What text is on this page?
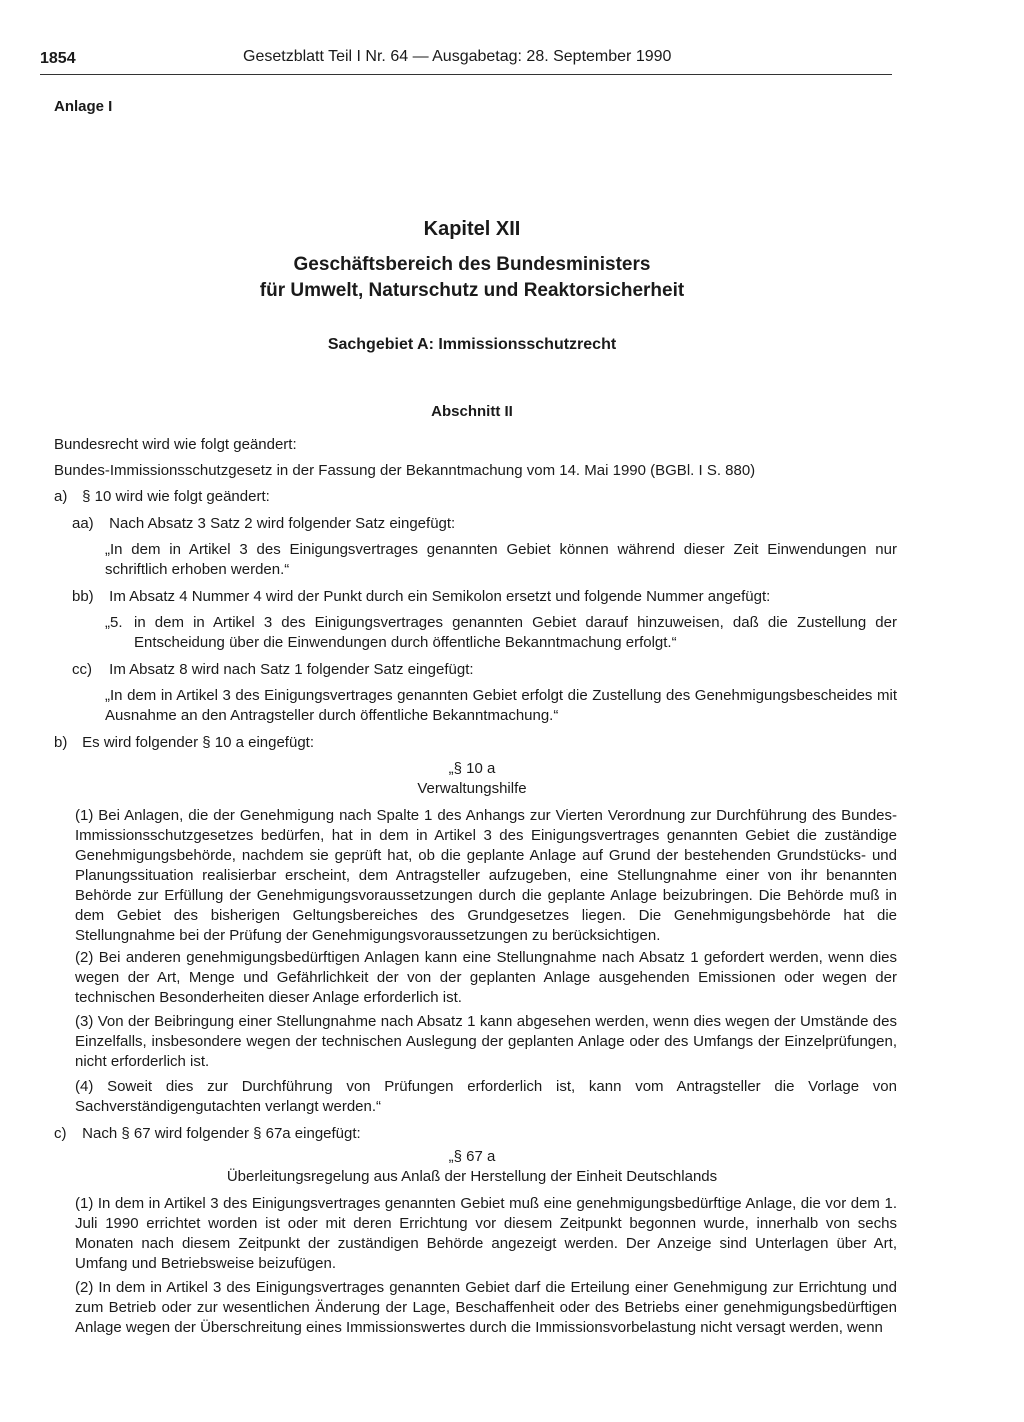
1854	Gesetzblatt Teil I Nr. 64 — Ausgabetag: 28. September 1990
Anlage I
Kapitel XII
Geschäftsbereich des Bundesministers
für Umwelt, Naturschutz und Reaktorsicherheit
Sachgebiet A: Immissionsschutzrecht
Abschnitt II
Bundesrecht wird wie folgt geändert:
Bundes-Immissionsschutzgesetz in der Fassung der Bekanntmachung vom 14. Mai 1990 (BGBl. I S. 880)
a) § 10 wird wie folgt geändert:
aa) Nach Absatz 3 Satz 2 wird folgender Satz eingefügt:
„In dem in Artikel 3 des Einigungsvertrages genannten Gebiet können während dieser Zeit Einwendungen nur schriftlich erhoben werden.“
bb) Im Absatz 4 Nummer 4 wird der Punkt durch ein Semikolon ersetzt und folgende Nummer angefügt:
„5. in dem in Artikel 3 des Einigungsvertrages genannten Gebiet darauf hinzuweisen, daß die Zustellung der Entscheidung über die Einwendungen durch öffentliche Bekanntmachung erfolgt.“
cc) Im Absatz 8 wird nach Satz 1 folgender Satz eingefügt:
„In dem in Artikel 3 des Einigungsvertrages genannten Gebiet erfolgt die Zustellung des Genehmigungsbescheides mit Ausnahme an den Antragsteller durch öffentliche Bekanntmachung.“
b) Es wird folgender § 10 a eingefügt:
„§ 10 a
Verwaltungshilfe
(1) Bei Anlagen, die der Genehmigung nach Spalte 1 des Anhangs zur Vierten Verordnung zur Durchführung des Bundes-Immissionsschutzgesetzes bedürfen, hat in dem in Artikel 3 des Einigungsvertrages genannten Gebiet die zuständige Genehmigungsbehörde, nachdem sie geprüft hat, ob die geplante Anlage auf Grund der bestehenden Grundstücks- und Planungssituation realisierbar erscheint, dem Antragsteller aufzugeben, eine Stellungnahme einer von ihr benannten Behörde zur Erfüllung der Genehmigungsvoraussetzungen durch die geplante Anlage beizubringen. Die Behörde muß in dem Gebiet des bisherigen Geltungsbereiches des Grundgesetzes liegen. Die Genehmigungsbehörde hat die Stellungnahme bei der Prüfung der Genehmigungsvoraussetzungen zu berücksichtigen.
(2) Bei anderen genehmigungsbedürftigen Anlagen kann eine Stellungnahme nach Absatz 1 gefordert werden, wenn dies wegen der Art, Menge und Gefährlichkeit der von der geplanten Anlage ausgehenden Emissionen oder wegen der technischen Besonderheiten dieser Anlage erforderlich ist.
(3) Von der Beibringung einer Stellungnahme nach Absatz 1 kann abgesehen werden, wenn dies wegen der Umstände des Einzelfalls, insbesondere wegen der technischen Auslegung der geplanten Anlage oder des Umfangs der Einzelprüfungen, nicht erforderlich ist.
(4) Soweit dies zur Durchführung von Prüfungen erforderlich ist, kann vom Antragsteller die Vorlage von Sachverständigengutachten verlangt werden.“
c) Nach § 67 wird folgender § 67a eingefügt:
„§ 67 a
Überleitungsregelung aus Anlaß der Herstellung der Einheit Deutschlands
(1) In dem in Artikel 3 des Einigungsvertrages genannten Gebiet muß eine genehmigungsbedürftige Anlage, die vor dem 1. Juli 1990 errichtet worden ist oder mit deren Errichtung vor diesem Zeitpunkt begonnen wurde, innerhalb von sechs Monaten nach diesem Zeitpunkt der zuständigen Behörde angezeigt werden. Der Anzeige sind Unterlagen über Art, Umfang und Betriebsweise beizufügen.
(2) In dem in Artikel 3 des Einigungsvertrages genannten Gebiet darf die Erteilung einer Genehmigung zur Errichtung und zum Betrieb oder zur wesentlichen Änderung der Lage, Beschaffenheit oder des Betriebs einer genehmigungsbedürftigen Anlage wegen der Überschreitung eines Immissionswertes durch die Immissionsvorbelastung nicht versagt werden, wenn
